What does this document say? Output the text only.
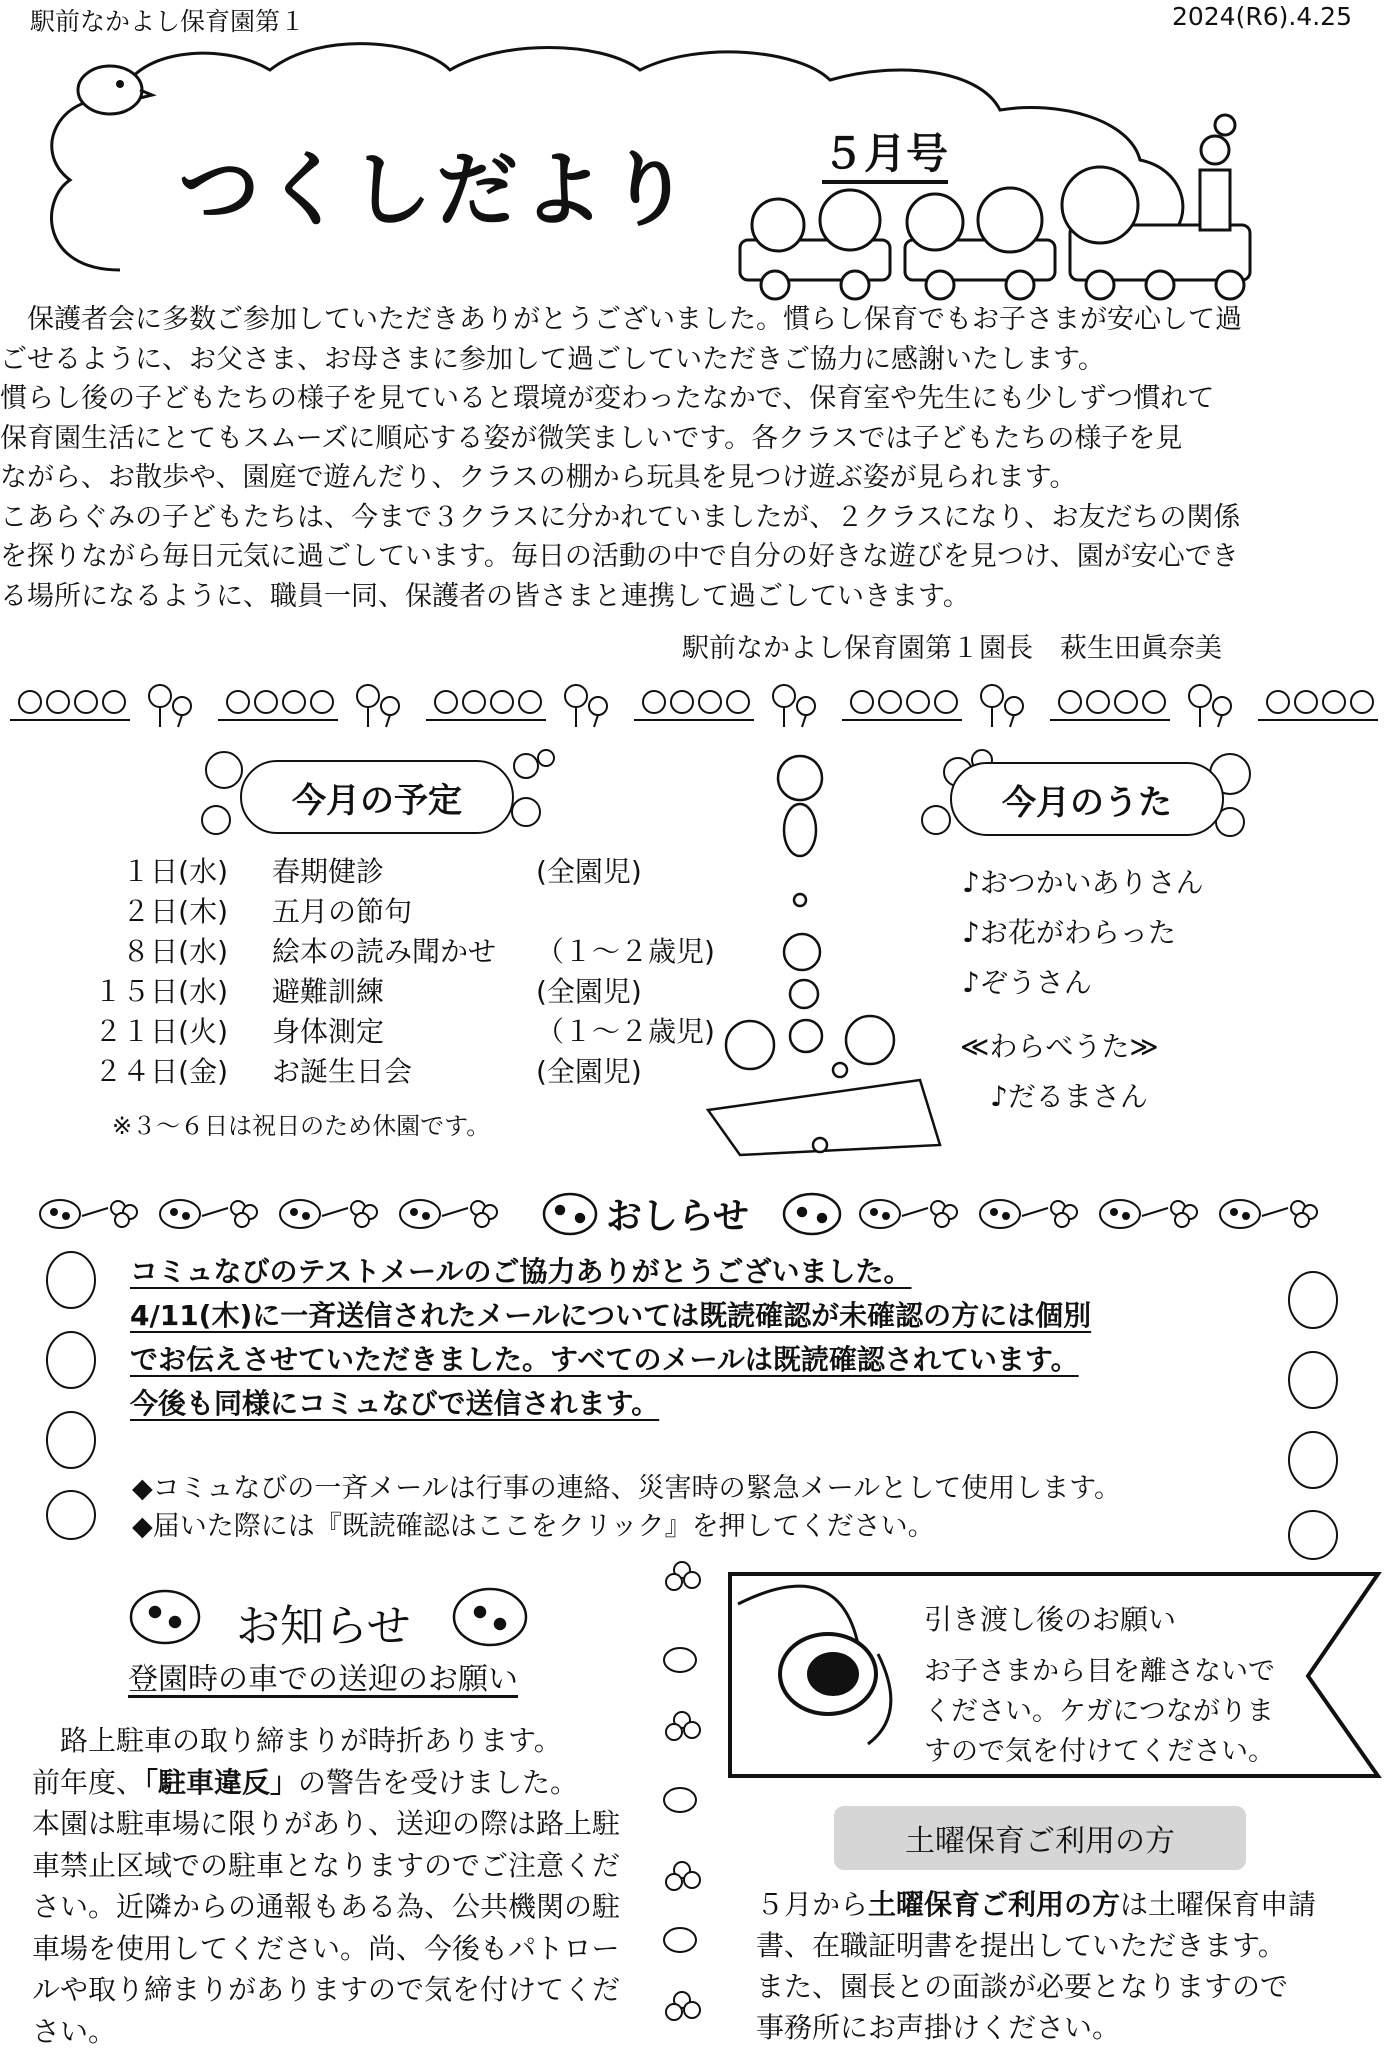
駅前なかよし保育園第１	2024(R6).4.25
つくしだより	５月号

　保護者会に多数ご参加していただきありがとうございました。慣らし保育でもお子さまが安心して過

ごせるように、お父さま、お母さまに参加して過ごしていただきご協力に感謝いたします。

慣らし後の子どもたちの様子を見ていると環境が変わったなかで、保育室や先生にも少しずつ慣れて

保育園生活にとてもスムーズに順応する姿が微笑ましいです。各クラスでは子どもたちの様子を見

ながら、お散歩や、園庭で遊んだり、クラスの棚から玩具を見つけ遊ぶ姿が見られます。

こあらぐみの子どもたちは、今まで３クラスに分かれていましたが、２クラスになり、お友だちの関係

を探りながら毎日元気に過ごしています。毎日の活動の中で自分の好きな遊びを見つけ、園が安心でき

る場所になるように、職員一同、保護者の皆さまと連携して過ごしていきます。

駅前なかよし保育園第１園長　萩生田眞奈美
今月の予定
１日(水)	春期健診	(全園児)
２日(木)	五月の節句
８日(水)	絵本の読み聞かせ	（１～２歳児)
１５日(水)	避難訓練	(全園児)
２１日(火)	身体測定	（１～２歳児)
２４日(金)	お誕生日会	(全園児)
※３～６日は祝日のため休園です。
今月のうた
♪おつかいありさん
♪お花がわらった
♪ぞうさん
≪わらべうた≫
♪だるまさん
おしらせ

コミュなびのテストメールのご協力ありがとうございました。

4/11(木)に一斉送信されたメールについては既読確認が未確認の方には個別

でお伝えさせていただきました。すべてのメールは既読確認されています。

今後も同様にコミュなびで送信されます。

◆コミュなびの一斉メールは行事の連絡、災害時の緊急メールとして使用します。

◆届いた際には『既読確認はここをクリック』を押してください。

お知らせ
登園時の車での送迎のお願い

　路上駐車の取り締まりが時折あります。

前年度、「駐車違反」の警告を受けました。

本園は駐車場に限りがあり、送迎の際は路上駐

車禁止区域での駐車となりますのでご注意くだ

さい。近隣からの通報もある為、公共機関の駐

車場を使用してください。尚、今後もパトロー

ルや取り締まりがありますので気を付けてくだ

さい。

引き渡し後のお願い

お子さまから目を離さないで

ください。ケガにつながりま

すので気を付けてください。

土曜保育ご利用の方

５月から土曜保育ご利用の方は土曜保育申請

書、在職証明書を提出していただきます。

また、園長との面談が必要となりますので

事務所にお声掛けください。
